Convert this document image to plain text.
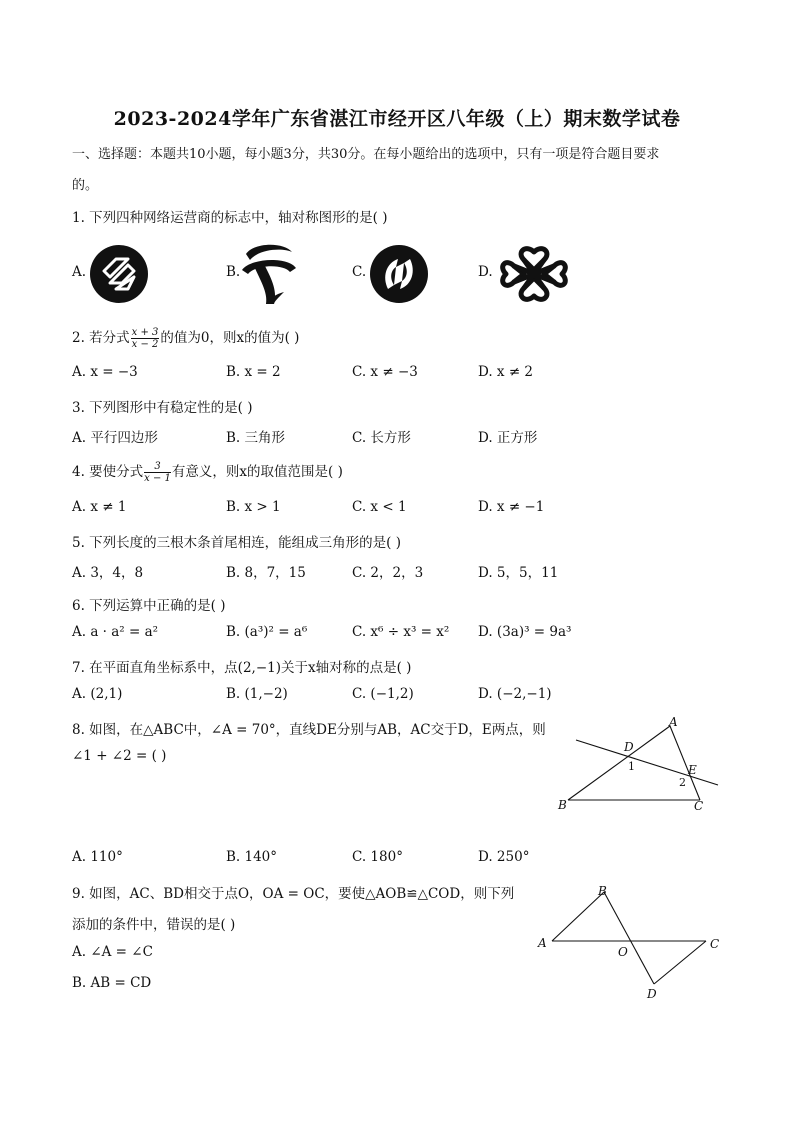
2023-2024学年广东省湛江市经开区八年级（上）期末数学试卷
一、选择题：本题共10小题，每小题3分，共30分。在每小题给出的选项中，只有一项是符合题目要求
的。
1. 下列四种网络运营商的标志中，轴对称图形的是( )
A.	B.	C.	D.
2. 若分式 $\frac{x + 3}{x - 2}$ 的值为0，则x的值为( )
A. x = −3	B. x = 2	C. x ≠ −3	D. x ≠ 2
3. 下列图形中有稳定性的是( )
A. 平行四边形	B. 三角形	C. 长方形	D. 正方形
4. 要使分式 $\frac{3}{x - 1}$ 有意义，则x的取值范围是( )
A. x ≠ 1	B. x > 1	C. x < 1	D. x ≠ −1
5. 下列长度的三根木条首尾相连，能组成三角形的是( )
A. 3，4，8	B. 8，7，15	C. 2，2，3	D. 5，5，11
6. 下列运算中正确的是( )
A. a · a² = a²	B. (a³)² = a⁶	C. x⁶ ÷ x³ = x² D. (3a)³ = 9a³
7. 在平面直角坐标系中，点(2,−1)关于x轴对称的点是( )
A. (2,1)	B. (1,−2)	C. (−1,2)	D. (−2,−1)
8. 如图，在△ABC中，∠A = 70°，直线DE分别与AB，AC交于D，E两点，则
∠1 + ∠2 = ( )
A
D
E
B	C
1
2
A. 110°	B. 140°	C. 180°	D. 250°
9. 如图，AC、BD相交于点O，OA = OC，要使△AOB≌△COD，则下列
添加的条件中，错误的是( )
A. ∠A = ∠C
B. AB = CD
B
A
O
C
D
